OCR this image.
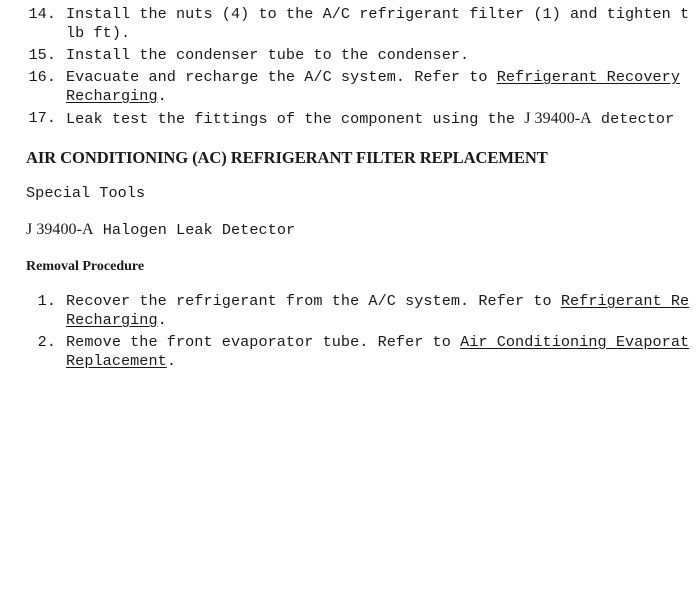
14. Install the nuts (4) to the A/C refrigerant filter (1) and tighten t
lb ft).
15. Install the condenser tube to the condenser.
16. Evacuate and recharge the A/C system. Refer to Refrigerant Recovery
Recharging.
17. Leak test the fittings of the component using the J 39400-A detector
AIR CONDITIONING (AC) REFRIGERANT FILTER REPLACEMENT

Special Tools

J 39400-A Halogen Leak Detector

Removal Procedure
1. Recover the refrigerant from the A/C system. Refer to Refrigerant Re
Recharging.
2. Remove the front evaporator tube. Refer to Air Conditioning Evaporat
Replacement.
